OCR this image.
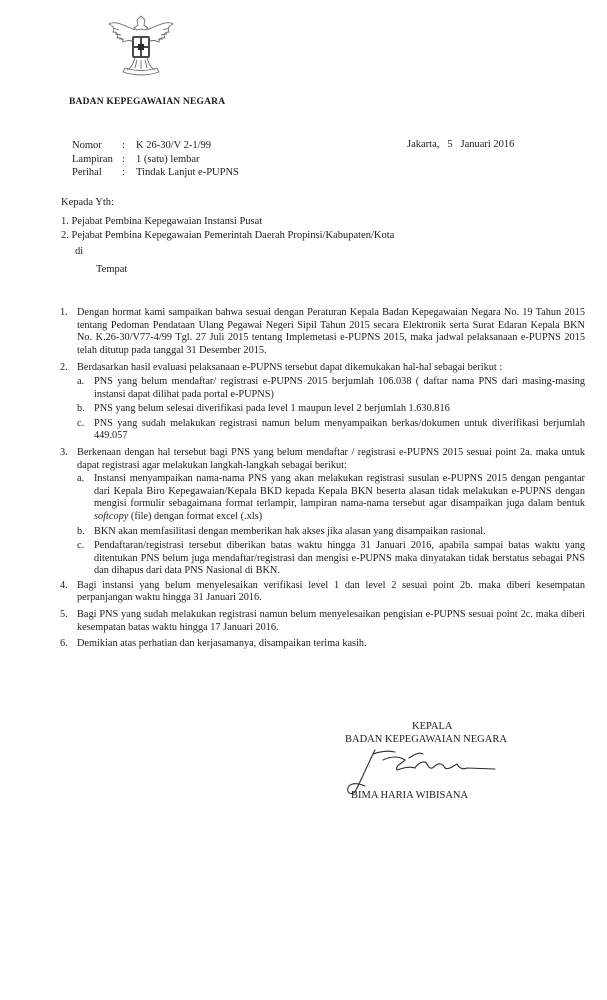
BADAN KEPEGAWAIAN NEGARA
Nomor	:	K 26-30/V 2-1/99
Lampiran :	1 (satu) lembar
Perihal	:	Tindak Lanjut e-PUPNS
Jakarta, 5   Januari 2016
Kepada Yth:
1. Pejabat Pembina Kepegawaian Instansi Pusat
2. Pejabat Pembina Kepegawaian Pemerintah Daerah Propinsi/Kabupaten/Kota
di
Tempat
1. Dengan hormat kami sampaikan bahwa sesuai dengan Peraturan Kepala Badan Kepegawaian Negara No. 19 Tahun 2015 tentang Pedoman Pendataan Ulang Pegawai Negeri Sipil Tahun 2015 secara Elektronik serta Surat Edaran Kepala BKN No. K.26-30/V77-4/99 Tgl. 27 Juli 2015 tentang Implemetasi e-PUPNS 2015, maka jadwal pelaksanaan e-PUPNS 2015 telah ditutup pada tanggal 31 Desember 2015.
2. Berdasarkan hasil evaluasi pelaksanaan e-PUPNS tersebut dapat dikemukakan hal-hal sebagai berikut :
a. PNS yang belum mendaftar/ registrasi e-PUPNS 2015 berjumlah 106.038 ( daftar nama PNS dari masing-masing instansi dapat dilihat pada portal e-PUPNS)
b. PNS yang belum selesai diverifikasi pada level 1 maupun level 2 berjumlah 1.630.816
c. PNS yang sudah melakukan registrasi namun belum menyampaikan berkas/dokumen untuk diverifikasi berjumlah 449.057
3. Berkenaan dengan hal tersebut bagi PNS yang belum mendaftar / registrasi e-PUPNS 2015 sesuai point 2a. maka untuk dapat registrasi agar melakukan langkah-langkah sebagai berikut:
a. Instansi menyampaikan nama-nama PNS yang akan melakukan registrasi susulan e-PUPNS 2015 dengan pengantar dari Kepala Biro Kepegawaian/Kepala BKD kepada Kepala BKN beserta alasan tidak melakukan e-PUPNS dengan mengisi formulir sebagaimana format terlampir, lampiran nama-nama tersebut agar disampaikan juga dalam bentuk softcopy (file) dengan format excel (.xls)
b. BKN akan memfasilitasi dengan memberikan hak akses jika alasan yang disampaikan rasional.
c. Pendaftaran/registrasi tersebut diberikan batas waktu hingga 31 Januari 2016, apabila sampai batas waktu yang ditentukan PNS belum juga mendaftar/registrasi dan mengisi e-PUPNS maka dinyatakan tidak berstatus sebagai PNS dan dihapus dari data PNS Nasional di BKN.
4. Bagi instansi yang belum menyelesaikan verifikasi level 1 dan level 2 sesuai point 2b. maka diberi kesempatan perpanjangan waktu hingga 31 Januari 2016.
5. Bagi PNS yang sudah melakukan registrasi namun belum menyelesaikan pengisian e-PUPNS sesuai point 2c. maka diberi kesempatan batas waktu hingga 17 Januari 2016.
6. Demikian atas perhatian dan kerjasamanya, disampaikan terima kasih.
KEPALA
BADAN KEPEGAWAIAN NEGARA
BIMA HARIA WIBISANA
